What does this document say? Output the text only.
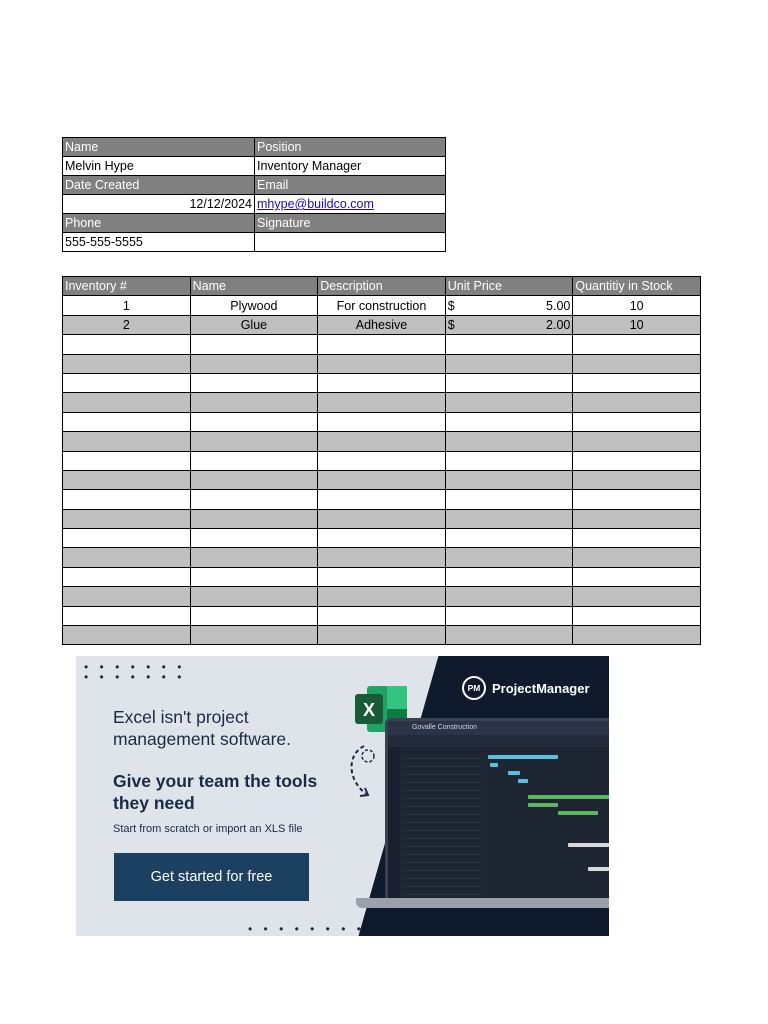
Name	Position
Melvin Hype	Inventory Manager
Date Created	Email
12/12/2024	mhype@buildco.com
Phone	Signature
555-555-5555	
Inventory #	Name	Description	Unit Price	Quantitiy in Stock
1	Plywood	For construction	$ 5.00	10
2	Glue	Adhesive	$ 2.00	10

• • • • • • •
• • • • • • •
• • • • • • • •
Excel isn't project management software.
Give your team the tools they need
Start from scratch or import an XLS file
Get started for free
PM ProjectManager
X
Govalle Construction
